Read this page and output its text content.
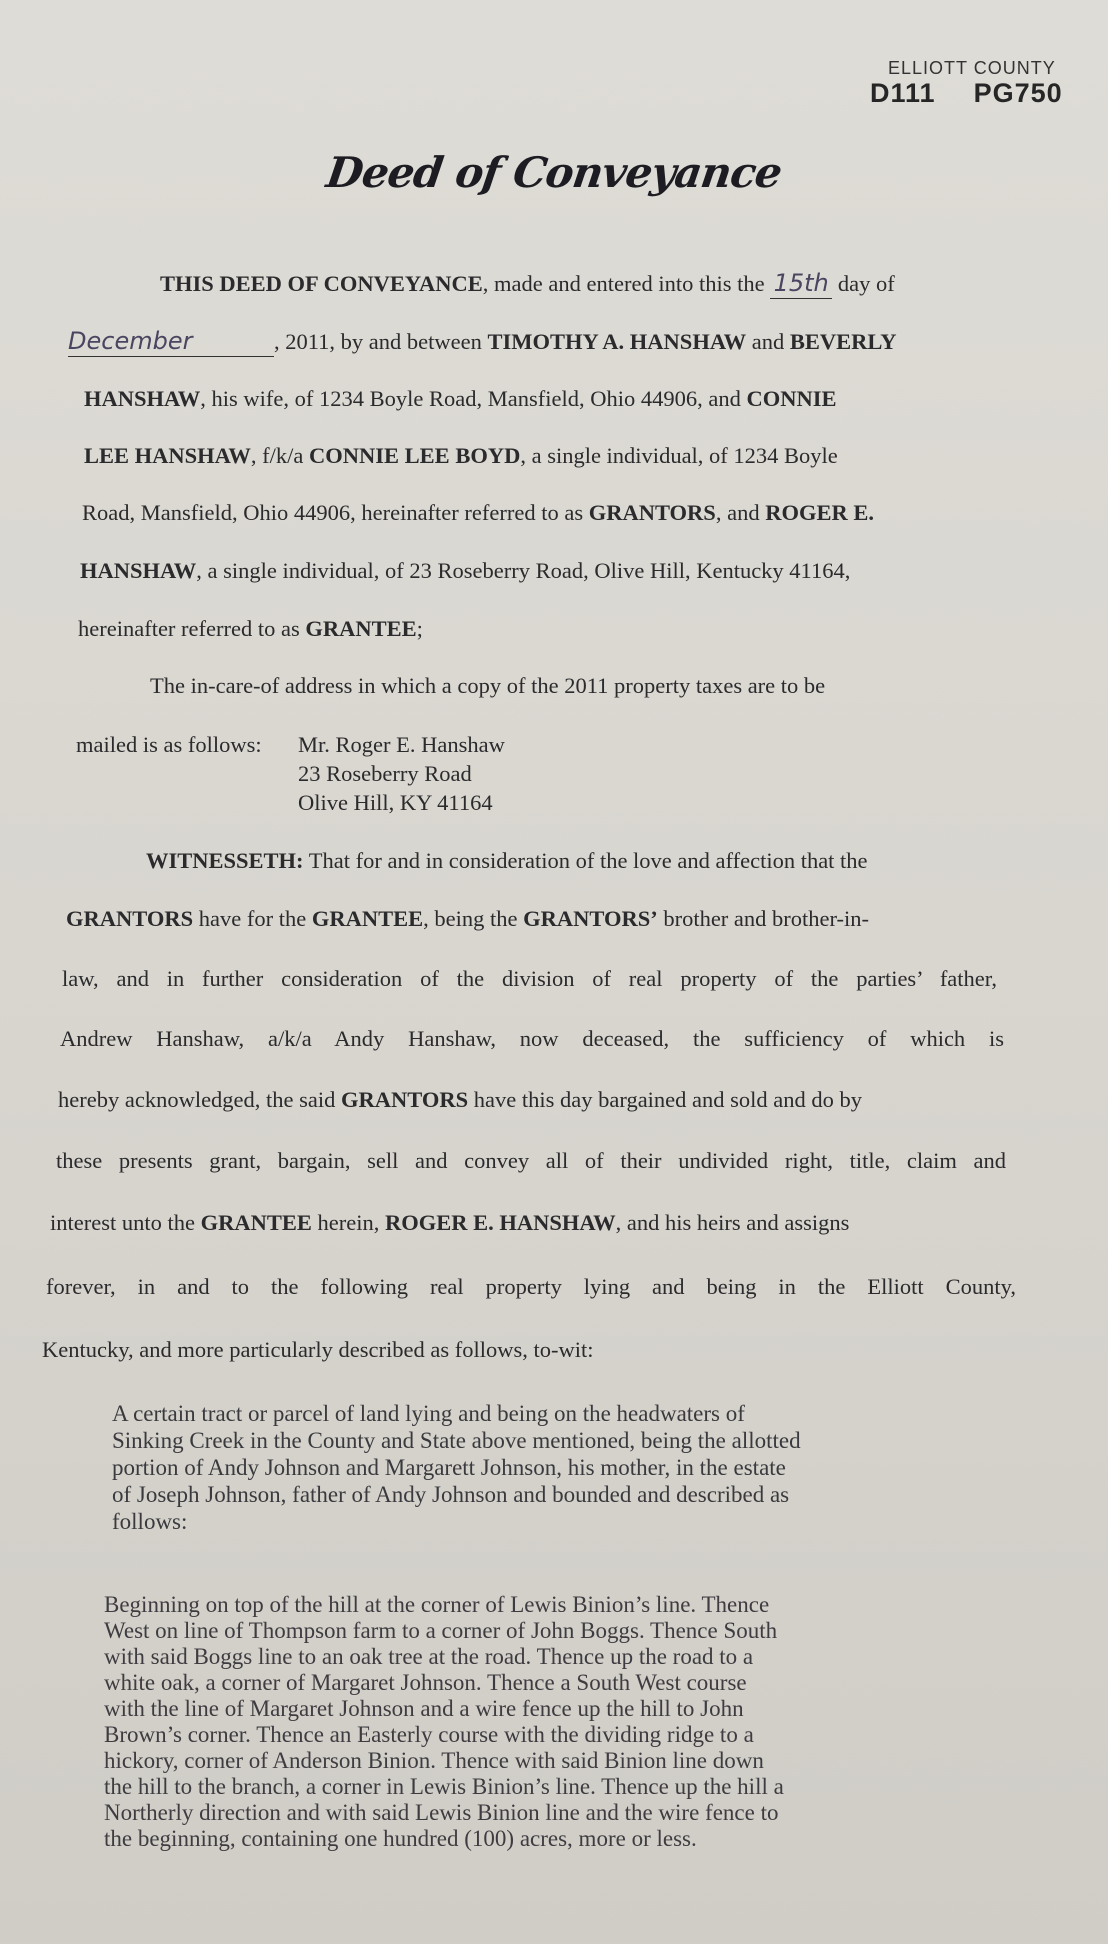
ELLIOTT COUNTY
D111 PG750
Deed of Conveyance
THIS DEED OF CONVEYANCE, made and entered into this the 15th day of
December	, 2011, by and between TIMOTHY A. HANSHAW and BEVERLY
HANSHAW, his wife, of 1234 Boyle Road, Mansfield, Ohio 44906, and CONNIE
LEE HANSHAW, f/k/a CONNIE LEE BOYD, a single individual, of 1234 Boyle
Road, Mansfield, Ohio 44906, hereinafter referred to as GRANTORS, and ROGER E.
HANSHAW, a single individual, of 23 Roseberry Road, Olive Hill, Kentucky 41164,
hereinafter referred to as GRANTEE;
The in-care-of address in which a copy of the 2011 property taxes are to be
mailed is as follows: Mr. Roger E. Hanshaw
23 Roseberry Road
Olive Hill, KY 41164
WITNESSETH: That for and in consideration of the love and affection that the
GRANTORS have for the GRANTEE, being the GRANTORS’ brother and brother-in-
law, and in further consideration of the division of real property of the parties’ father,
Andrew Hanshaw, a/k/a Andy Hanshaw, now deceased, the sufficiency of which is
hereby acknowledged, the said GRANTORS have this day bargained and sold and do by
these presents grant, bargain, sell and convey all of their undivided right, title, claim and
interest unto the GRANTEE herein, ROGER E. HANSHAW, and his heirs and assigns
forever, in and to the following real property lying and being in the Elliott County,
Kentucky, and more particularly described as follows, to-wit:
A certain tract or parcel of land lying and being on the headwaters of
Sinking Creek in the County and State above mentioned, being the allotted
portion of Andy Johnson and Margarett Johnson, his mother, in the estate
of Joseph Johnson, father of Andy Johnson and bounded and described as
follows:
Beginning on top of the hill at the corner of Lewis Binion’s line. Thence
West on line of Thompson farm to a corner of John Boggs. Thence South
with said Boggs line to an oak tree at the road. Thence up the road to a
white oak, a corner of Margaret Johnson. Thence a South West course
with the line of Margaret Johnson and a wire fence up the hill to John
Brown’s corner. Thence an Easterly course with the dividing ridge to a
hickory, corner of Anderson Binion. Thence with said Binion line down
the hill to the branch, a corner in Lewis Binion’s line. Thence up the hill a
Northerly direction and with said Lewis Binion line and the wire fence to
the beginning, containing one hundred (100) acres, more or less.
